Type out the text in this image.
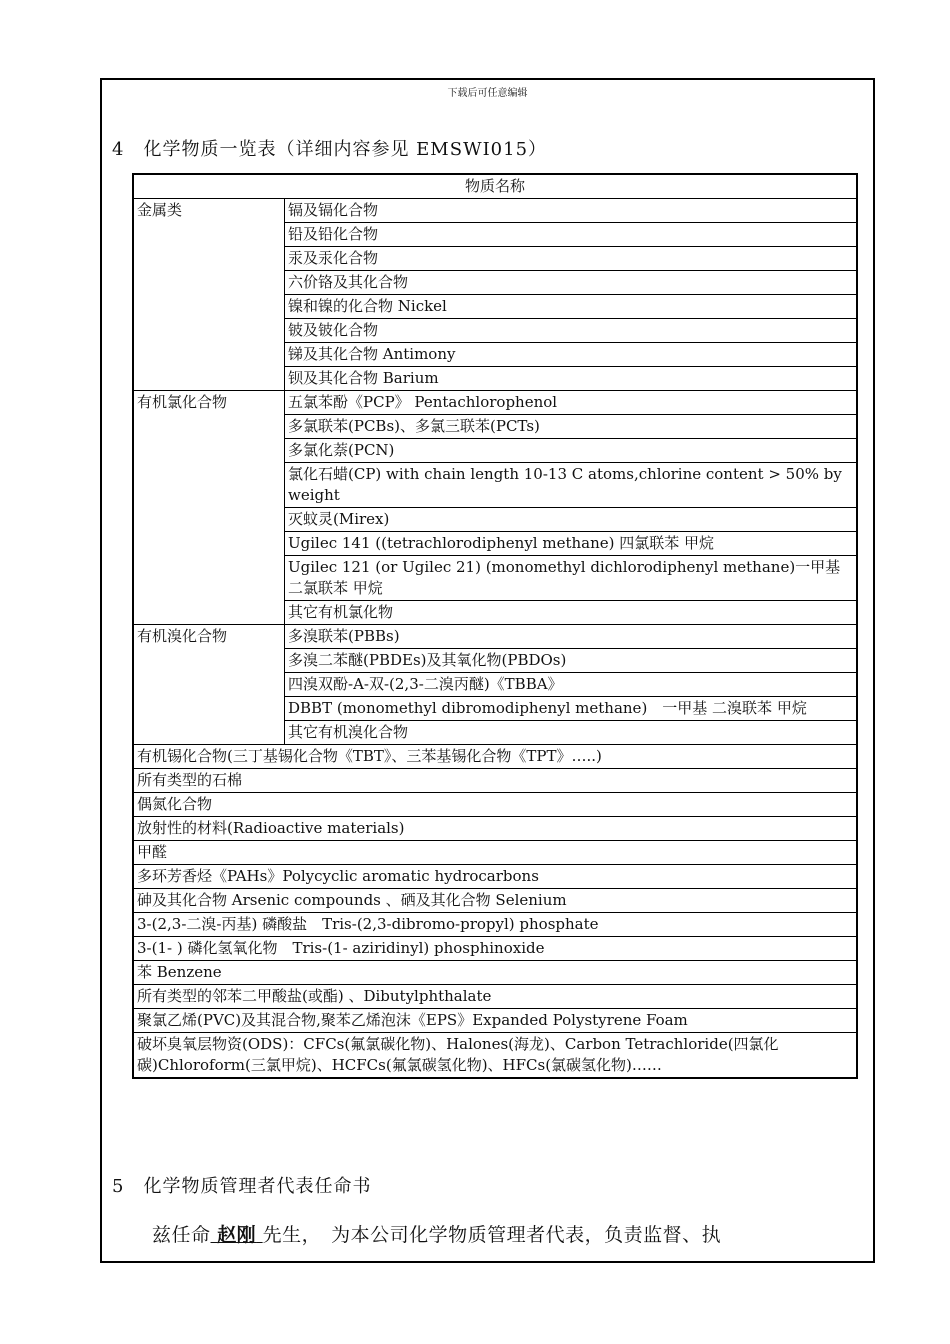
下载后可任意编辑
4　化学物质一览表（详细内容参见 EMSWI015）
物质名称	
金属类	镉及镉化合物
	铅及铅化合物
	汞及汞化合物
	六价铬及其化合物
	镍和镍的化合物 Nickel
	铍及铍化合物
	锑及其化合物 Antimony
	钡及其化合物 Barium
有机氯化合物	五氯苯酚《PCP》 Pentachlorophenol
	多氯联苯(PCBs)、多氯三联苯(PCTs)
	多氯化萘(PCN)
	氯化石蜡(CP) with chain length 10-13 C atoms,chlorine content > 50% by weight
	灭蚊灵(Mirex)
	Ugilec 141 ((tetrachlorodiphenyl methane) 四氯联苯 甲烷
	Ugilec 121 (or Ugilec 21) (monomethyl dichlorodiphenyl methane)一甲基 二氯联苯 甲烷
	其它有机氯化物
有机溴化合物	多溴联苯(PBBs)
	多溴二苯醚(PBDEs)及其氧化物(PBDOs)
	四溴双酚-A-双-(2,3-二溴丙醚)《TBBA》
	DBBT (monomethyl dibromodiphenyl methane)　一甲基 二溴联苯 甲烷
	其它有机溴化合物
有机锡化合物(三丁基锡化合物《TBT》、三苯基锡化合物《TPT》…..)	
所有类型的石棉	
偶氮化合物	
放射性的材料(Radioactive materials)	
甲醛	
多环芳香烃《PAHs》Polycyclic aromatic hydrocarbons	
砷及其化合物 Arsenic compounds 、硒及其化合物 Selenium	
3-(2,3-二溴-丙基) 磷酸盐　Tris-(2,3-dibromo-propyl) phosphate	
3-(1- ) 磷化氢氧化物　Tris-(1- aziridinyl) phosphinoxide	
苯 Benzene	
所有类型的邻苯二甲酸盐(或酯) 、Dibutylphthalate	
聚氯乙烯(PVC)及其混合物,聚苯乙烯泡沫《EPS》Expanded Polystyrene Foam	
破坏臭氧层物资(ODS)：CFCs(氟氯碳化物)、Halones(海龙)、Carbon Tetrachloride(四氯化碳)Chloroform(三氯甲烷)、HCFCs(氟氯碳氢化物)、HFCs(氯碳氢化物)……	
5　化学物质管理者代表任命书
兹任命 赵刚 先生，　为本公司化学物质管理者代表，负责监督、执
